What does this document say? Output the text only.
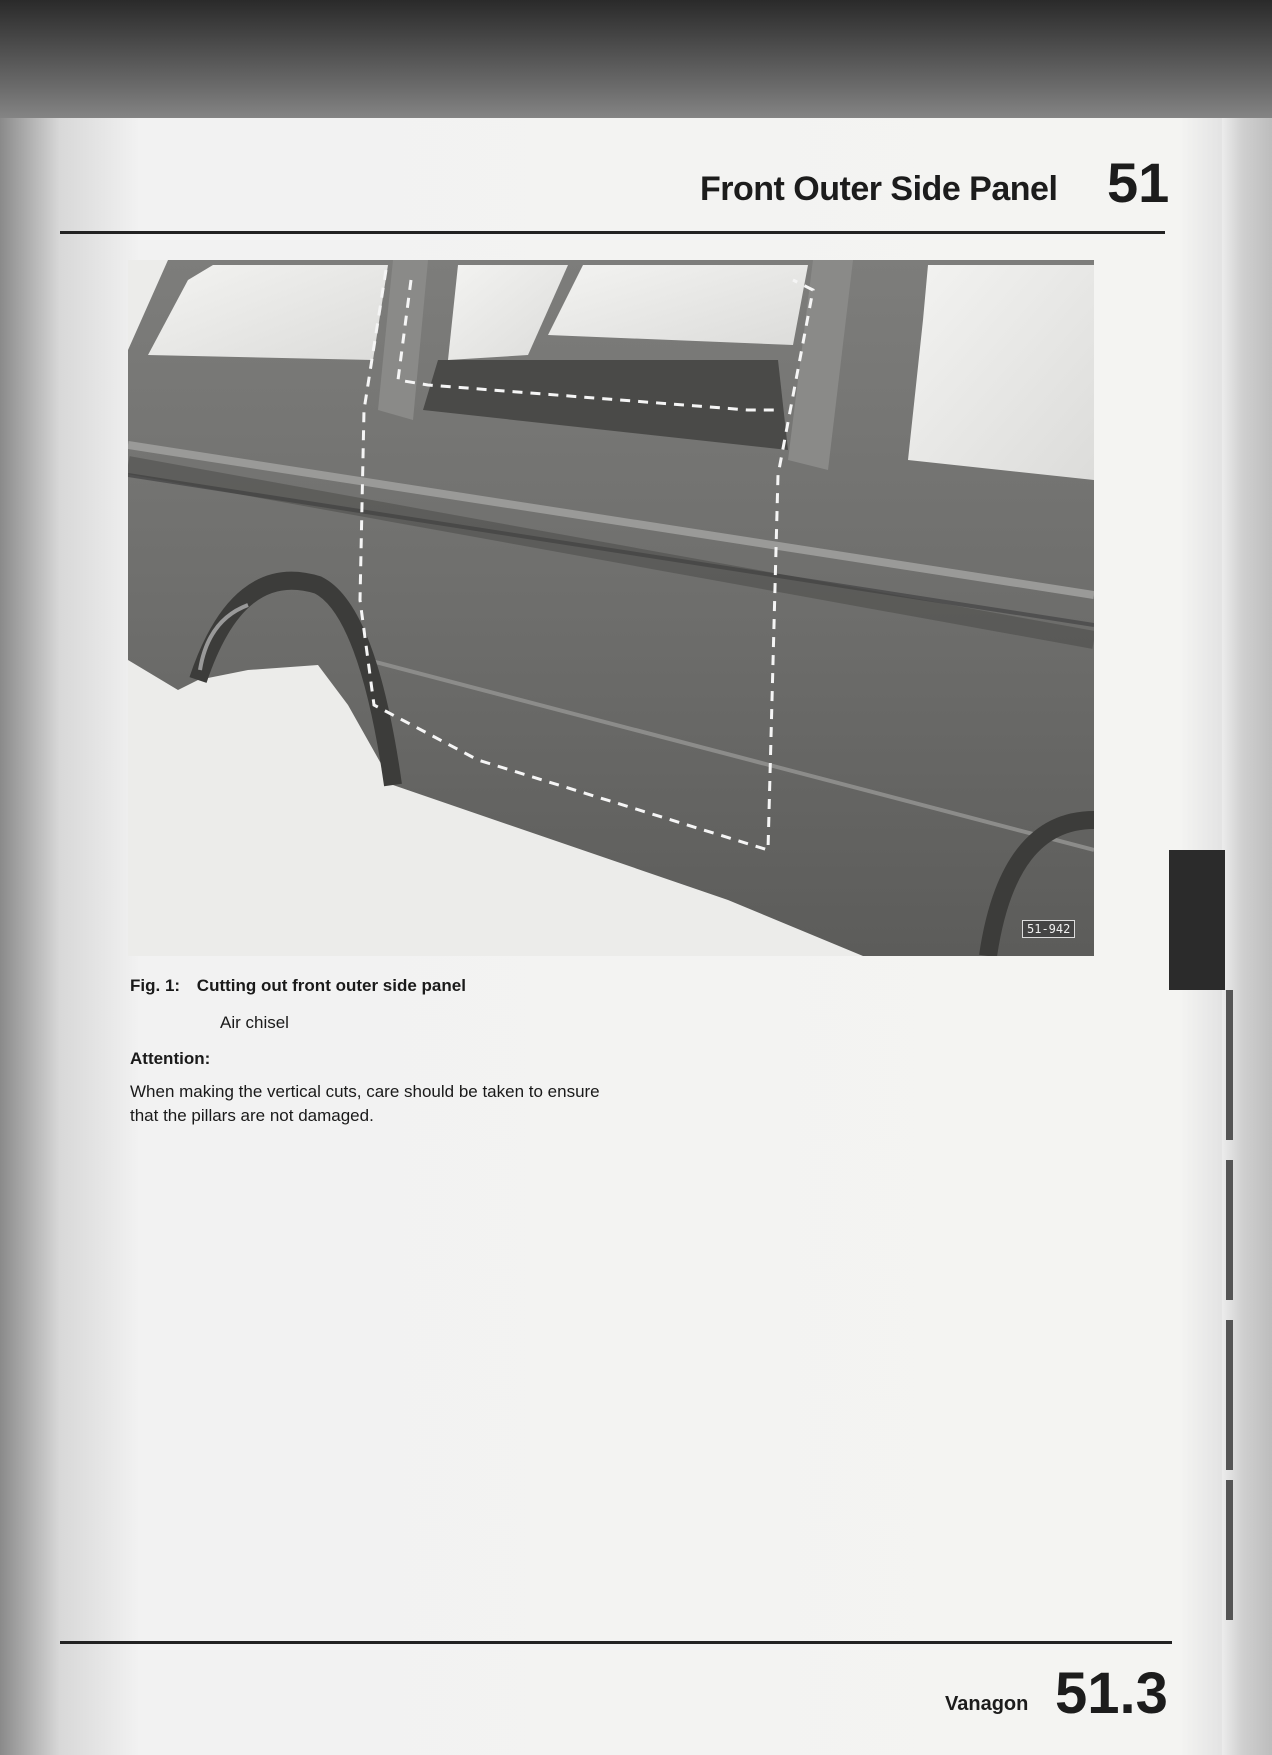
Front Outer Side Panel 51
51-942
Fig. 1: Cutting out front outer side panel
Air chisel
Attention:
When making the vertical cuts, care should be taken to ensure that the pillars are not damaged.
Vanagon 51.3
